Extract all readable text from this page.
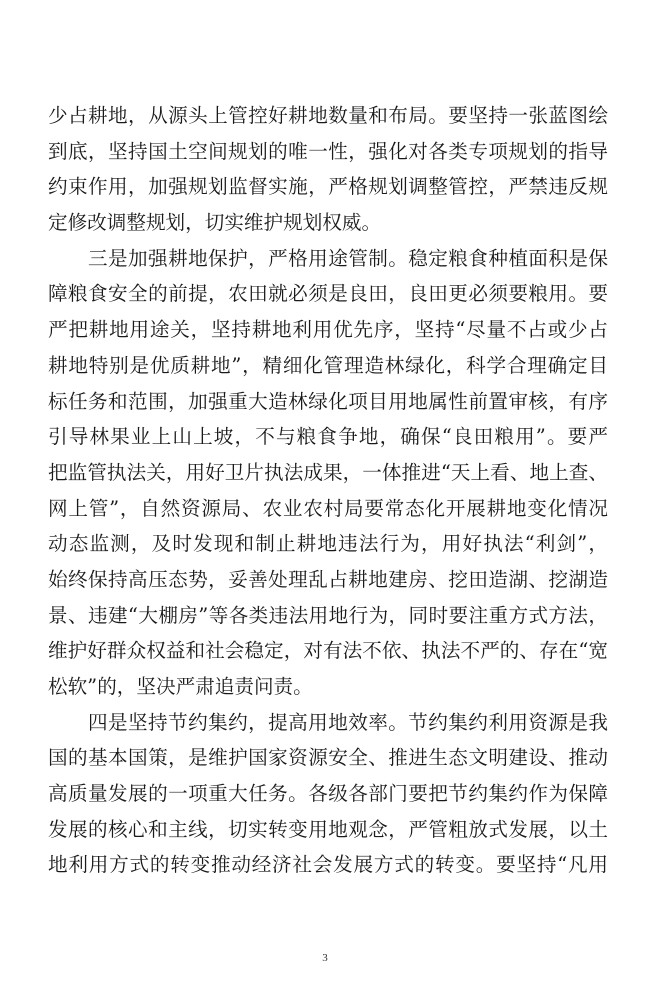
少占耕地，从源头上管控好耕地数量和布局。要坚持一张蓝图绘
到底，坚持国土空间规划的唯一性，强化对各类专项规划的指导
约束作用，加强规划监督实施，严格规划调整管控，严禁违反规
定修改调整规划，切实维护规划权威。
三是加强耕地保护，严格用途管制。稳定粮食种植面积是保
障粮食安全的前提，农田就必须是良田，良田更必须要粮用。要
严把耕地用途关，坚持耕地利用优先序，坚持“尽量不占或少占
耕地特别是优质耕地”，精细化管理造林绿化，科学合理确定目
标任务和范围，加强重大造林绿化项目用地属性前置审核，有序
引导林果业上山上坡，不与粮食争地，确保“良田粮用”。要严
把监管执法关，用好卫片执法成果，一体推进“天上看、地上查、
网上管”，自然资源局、农业农村局要常态化开展耕地变化情况
动态监测，及时发现和制止耕地违法行为，用好执法“利剑”，
始终保持高压态势，妥善处理乱占耕地建房、挖田造湖、挖湖造
景、违建“大棚房”等各类违法用地行为，同时要注重方式方法，
维护好群众权益和社会稳定，对有法不依、执法不严的、存在“宽
松软”的，坚决严肃追责问责。
四是坚持节约集约，提高用地效率。节约集约利用资源是我
国的基本国策，是维护国家资源安全、推进生态文明建设、推动
高质量发展的一项重大任务。各级各部门要把节约集约作为保障
发展的核心和主线，切实转变用地观念，严管粗放式发展，以土
地利用方式的转变推动经济社会发展方式的转变。要坚持“凡用
3
